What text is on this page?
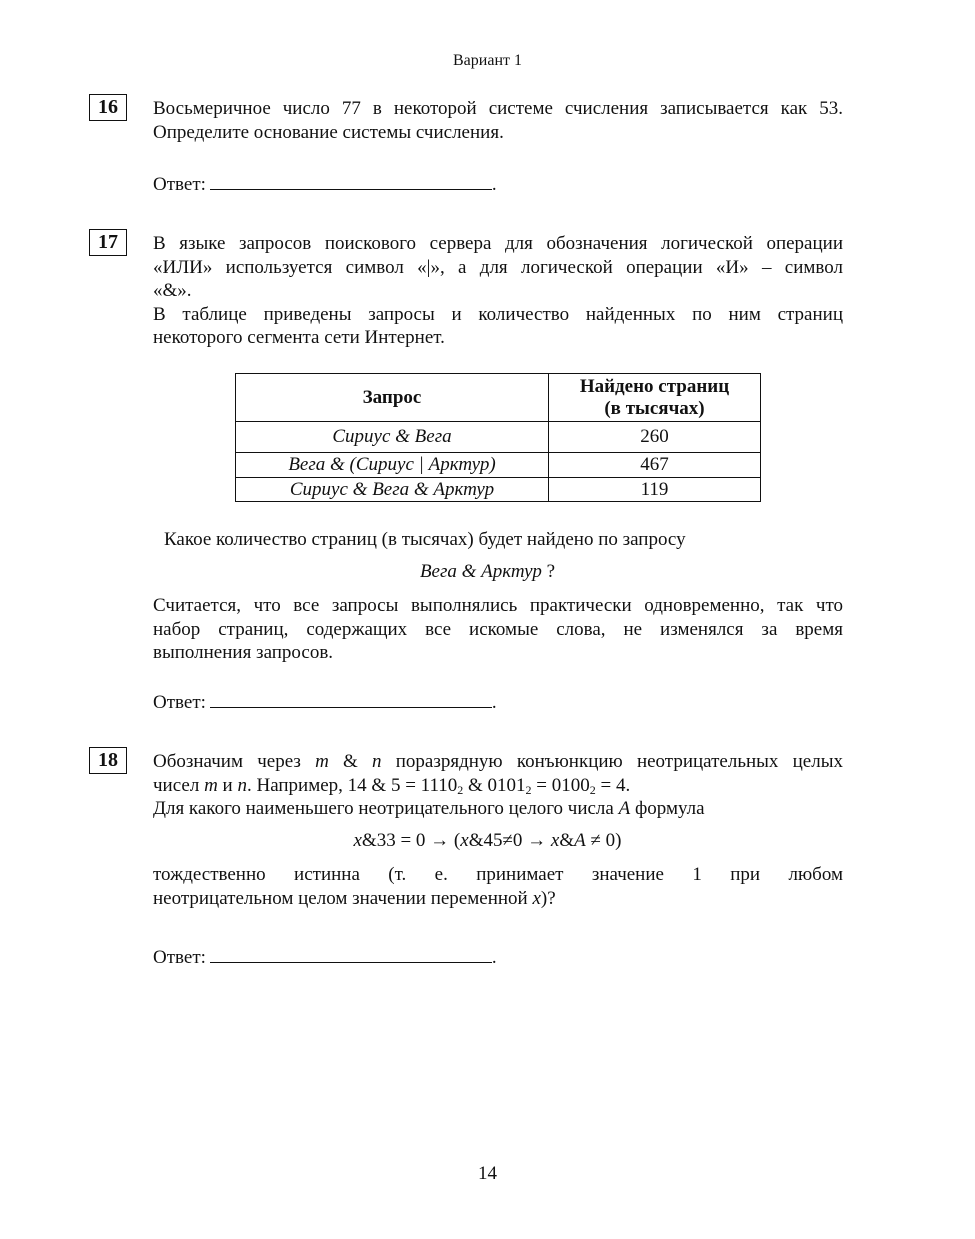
Вариант 1
16	Восьмеричное число 77 в некоторой системе счисления записывается как 53.
Определите основание системы счисления.
Ответ:	.
17	В языке запросов поискового сервера для обозначения логической операции
«ИЛИ» используется символ «|», а для логической операции «И» – символ
«&».
В таблице приведены запросы и количество найденных по ним страниц
некоторого сегмента сети Интернет.
Запрос	Найдено страниц
(в тысячах)
Сириус & Вега	260
Вега & (Сириус | Арктур)	467
Сириус & Вега & Арктур	119
Какое количество страниц (в тысячах) будет найдено по запросу
Вега & Арктур ?
Считается, что все запросы выполнялись практически одновременно, так что
набор страниц, содержащих все искомые слова, не изменялся за время
выполнения запросов.
Ответ:	.
18	Обозначим через m & n поразрядную конъюнкцию неотрицательных целых
чисел m и n. Например, 14 & $5 = 1110_2$ & $0101_2 = 0100_2 = 4$.
Для какого наименьшего неотрицательного целого числа A формула
x&33 = 0 → (x&45≠0 → x&A ≠ 0)
тождественно истинна (т. е. принимает значение 1 при любом
неотрицательном целом значении переменной x)?
Ответ:	.
14
